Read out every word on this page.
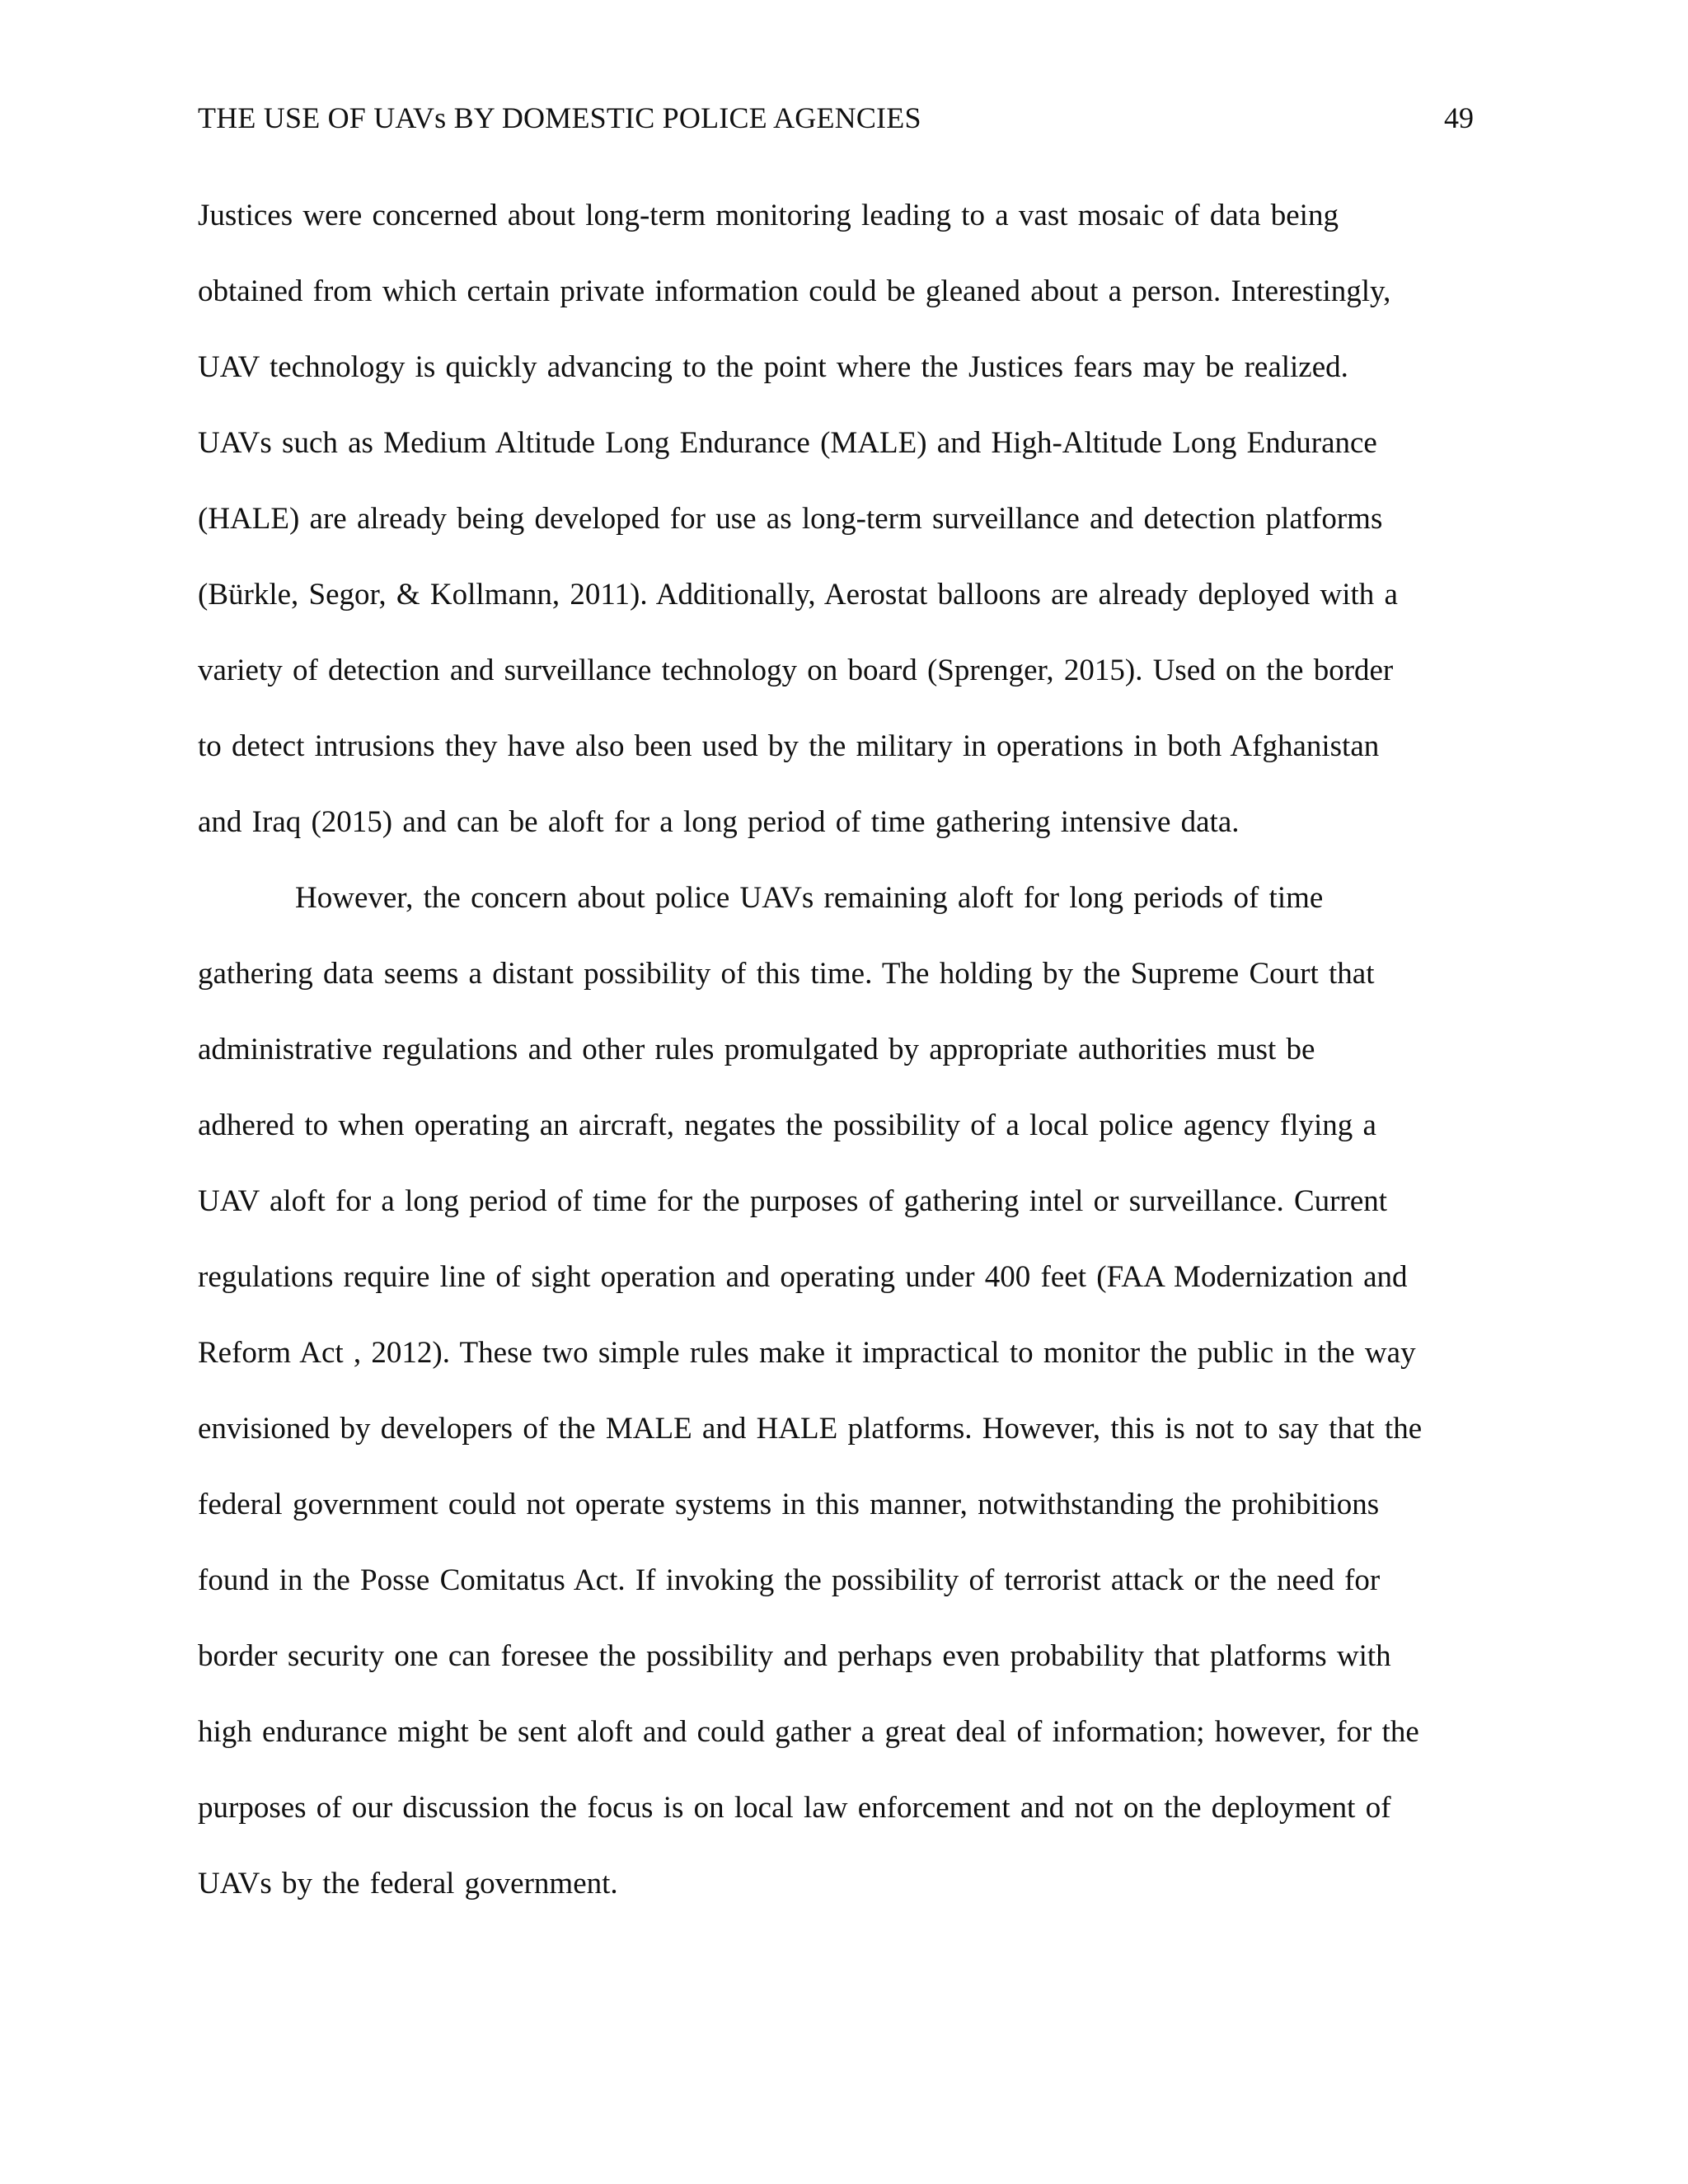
THE USE OF UAVs BY DOMESTIC POLICE AGENCIES	49
Justices were concerned about long-term monitoring leading to a vast mosaic of data being
obtained from which certain private information could be gleaned about a person. Interestingly,
UAV technology is quickly advancing to the point where the Justices fears may be realized.
UAVs such as Medium Altitude Long Endurance (MALE) and High-Altitude Long Endurance
(HALE) are already being developed for use as long-term surveillance and detection platforms
(Bürkle, Segor, & Kollmann, 2011). Additionally, Aerostat balloons are already deployed with a
variety of detection and surveillance technology on board (Sprenger, 2015). Used on the border
to detect intrusions they have also been used by the military in operations in both Afghanistan
and Iraq (2015) and can be aloft for a long period of time gathering intensive data.
However, the concern about police UAVs remaining aloft for long periods of time
gathering data seems a distant possibility of this time. The holding by the Supreme Court that
administrative regulations and other rules promulgated by appropriate authorities must be
adhered to when operating an aircraft, negates the possibility of a local police agency flying a
UAV aloft for a long period of time for the purposes of gathering intel or surveillance. Current
regulations require line of sight operation and operating under 400 feet (FAA Modernization and
Reform Act , 2012). These two simple rules make it impractical to monitor the public in the way
envisioned by developers of the MALE and HALE platforms. However, this is not to say that the
federal government could not operate systems in this manner, notwithstanding the prohibitions
found in the Posse Comitatus Act. If invoking the possibility of terrorist attack or the need for
border security one can foresee the possibility and perhaps even probability that platforms with
high endurance might be sent aloft and could gather a great deal of information; however, for the
purposes of our discussion the focus is on local law enforcement and not on the deployment of
UAVs by the federal government.
